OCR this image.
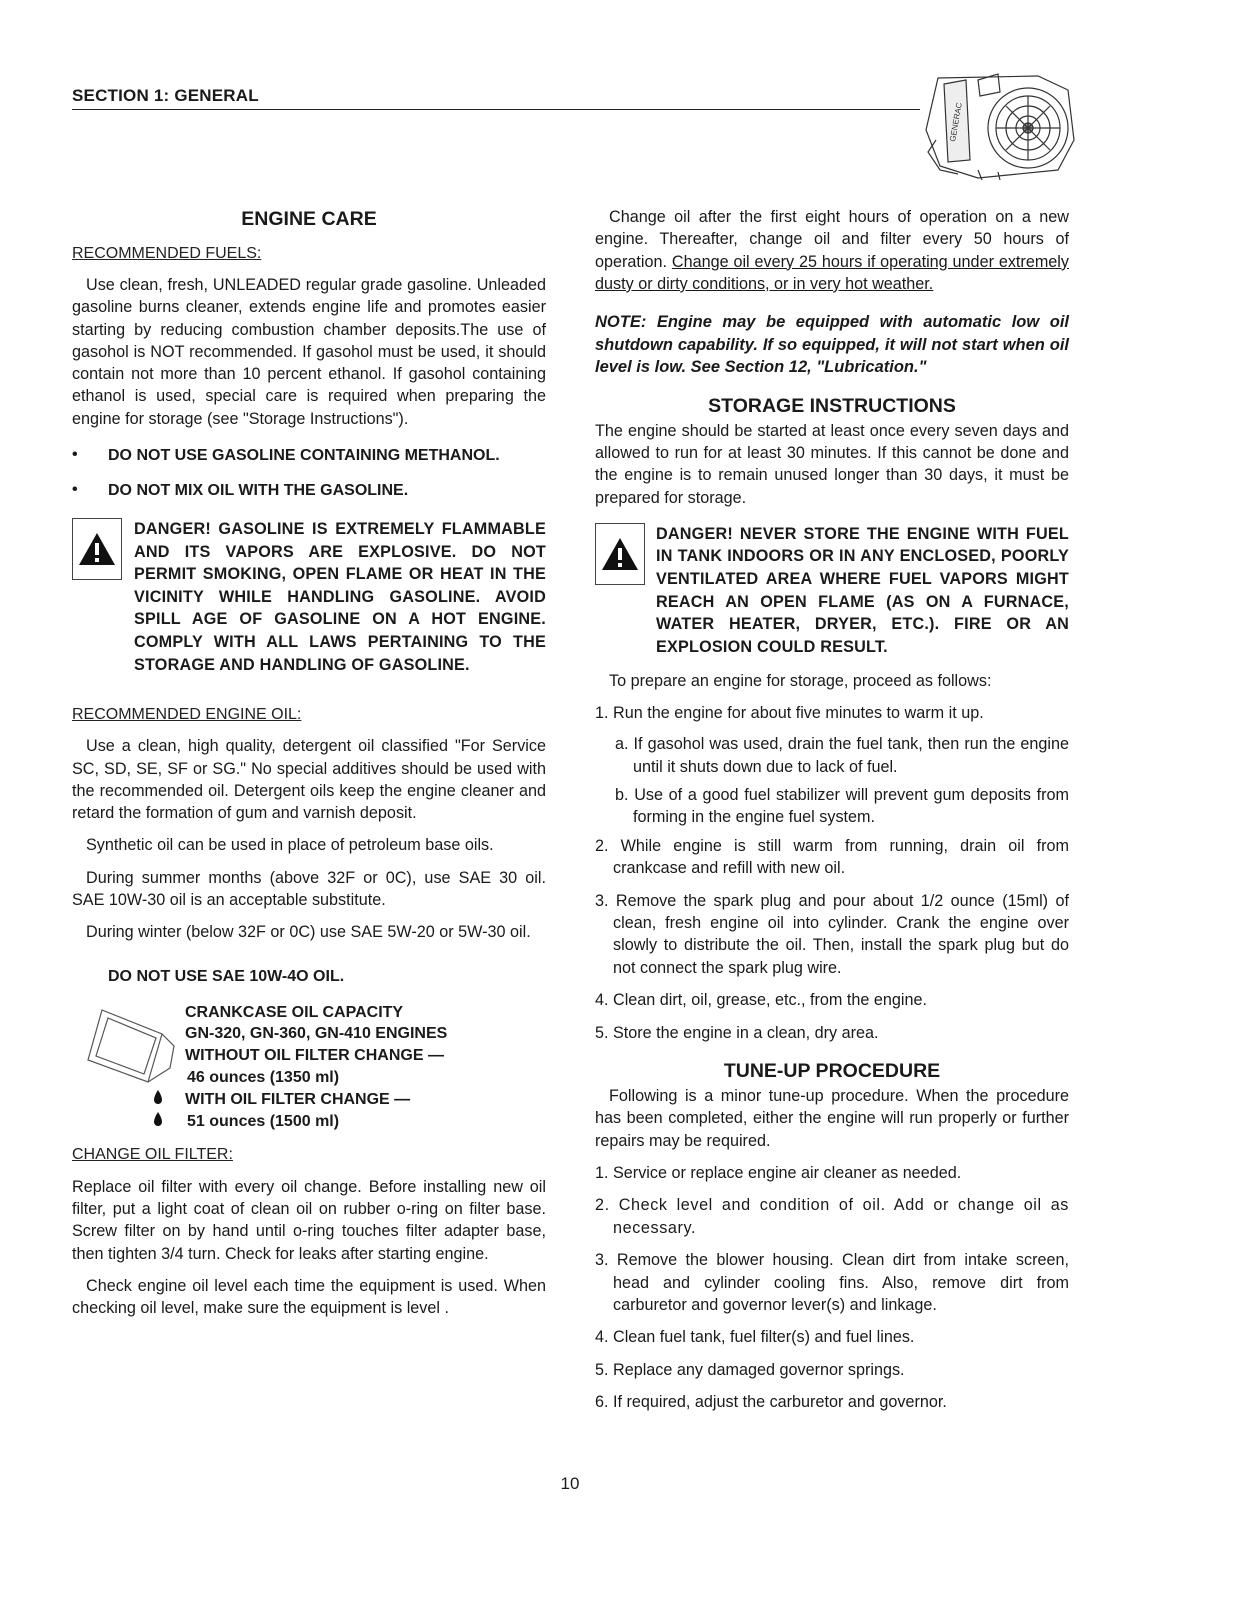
SECTION 1: GENERAL
GENERAC
ENGINE CARE
RECOMMENDED FUELS:

Use clean, fresh, UNLEADED regular grade gasoline. Unleaded gasoline burns cleaner, extends engine life and promotes easier starting by reducing combustion chamber deposits.The use of gasohol is NOT recommended. If gasohol must be used, it should contain not more than 10 percent ethanol. If gasohol containing ethanol is used, special care is required when preparing the engine for storage (see "Storage Instructions").

• DO NOT USE GASOLINE CONTAINING METHANOL.
• DO NOT MIX OIL WITH THE GASOLINE.
DANGER! GASOLINE IS EXTREMELY FLAMMABLE AND ITS VAPORS ARE EXPLOSIVE. DO NOT PERMIT SMOKING, OPEN FLAME OR HEAT IN THE VICINITY WHILE HANDLING GASOLINE. AVOID SPILL AGE OF GASOLINE ON A HOT ENGINE. COMPLY WITH ALL LAWS PERTAINING TO THE STORAGE AND HANDLING OF GASOLINE.
RECOMMENDED ENGINE OIL:

Use a clean, high quality, detergent oil classified "For Service SC, SD, SE, SF or SG." No special additives should be used with the recommended oil. Detergent oils keep the engine cleaner and retard the formation of gum and varnish deposit.

Synthetic oil can be used in place of petroleum base oils.

During summer months (above 32F or 0C), use SAE 30 oil. SAE 10W-30 oil is an acceptable substitute.

During winter (below 32F or 0C) use SAE 5W-20 or 5W-30 oil.

DO NOT USE SAE 10W-4O OIL.
CRANKCASE OIL CAPACITY
GN-320, GN-360, GN-410 ENGINES
WITHOUT OIL FILTER CHANGE —
46 ounces (1350 ml)
WITH OIL FILTER CHANGE —
51 ounces (1500 ml)
CHANGE OIL FILTER:

Replace oil filter with every oil change. Before installing new oil filter, put a light coat of clean oil on rubber o-ring on filter base. Screw filter on by hand until o-ring touches filter adapter base, then tighten 3/4 turn. Check for leaks after starting engine.

Check engine oil level each time the equipment is used. When checking oil level, make sure the equipment is level .

Change oil after the first eight hours of operation on a new engine. Thereafter, change oil and filter every 50 hours of operation. Change oil every 25 hours if operating under extremely dusty or dirty conditions, or in very hot weather.

NOTE: Engine may be equipped with automatic low oil shutdown capability. If so equipped, it will not start when oil level is low. See Section 12, "Lubrication."

STORAGE INSTRUCTIONS

The engine should be started at least once every seven days and allowed to run for at least 30 minutes. If this cannot be done and the engine is to remain unused longer than 30 days, it must be prepared for storage.

DANGER! NEVER STORE THE ENGINE WITH FUEL IN TANK INDOORS OR IN ANY ENCLOSED, POORLY VENTILATED AREA WHERE FUEL VAPORS MIGHT REACH AN OPEN FLAME (AS ON A FURNACE, WATER HEATER, DRYER, ETC.). FIRE OR AN EXPLOSION COULD RESULT.

To prepare an engine for storage, proceed as follows:

1. Run the engine for about five minutes to warm it up.
a. If gasohol was used, drain the fuel tank, then run the engine until it shuts down due to lack of fuel.
b. Use of a good fuel stabilizer will prevent gum deposits from forming in the engine fuel system.
2. While engine is still warm from running, drain oil from crankcase and refill with new oil.
3. Remove the spark plug and pour about 1/2 ounce (15ml) of clean, fresh engine oil into cylinder. Crank the engine over slowly to distribute the oil. Then, install the spark plug but do not connect the spark plug wire.
4. Clean dirt, oil, grease, etc., from the engine.
5. Store the engine in a clean, dry area.
TUNE-UP PROCEDURE

Following is a minor tune-up procedure. When the procedure has been completed, either the engine will run properly or further repairs may be required.

1. Service or replace engine air cleaner as needed.
2. Check level and condition of oil. Add or change oil as necessary.
3. Remove the blower housing. Clean dirt from intake screen, head and cylinder cooling fins. Also, remove dirt from carburetor and governor lever(s) and linkage.
4. Clean fuel tank, fuel filter(s) and fuel lines.
5. Replace any damaged governor springs.
6. If required, adjust the carburetor and governor.
10
